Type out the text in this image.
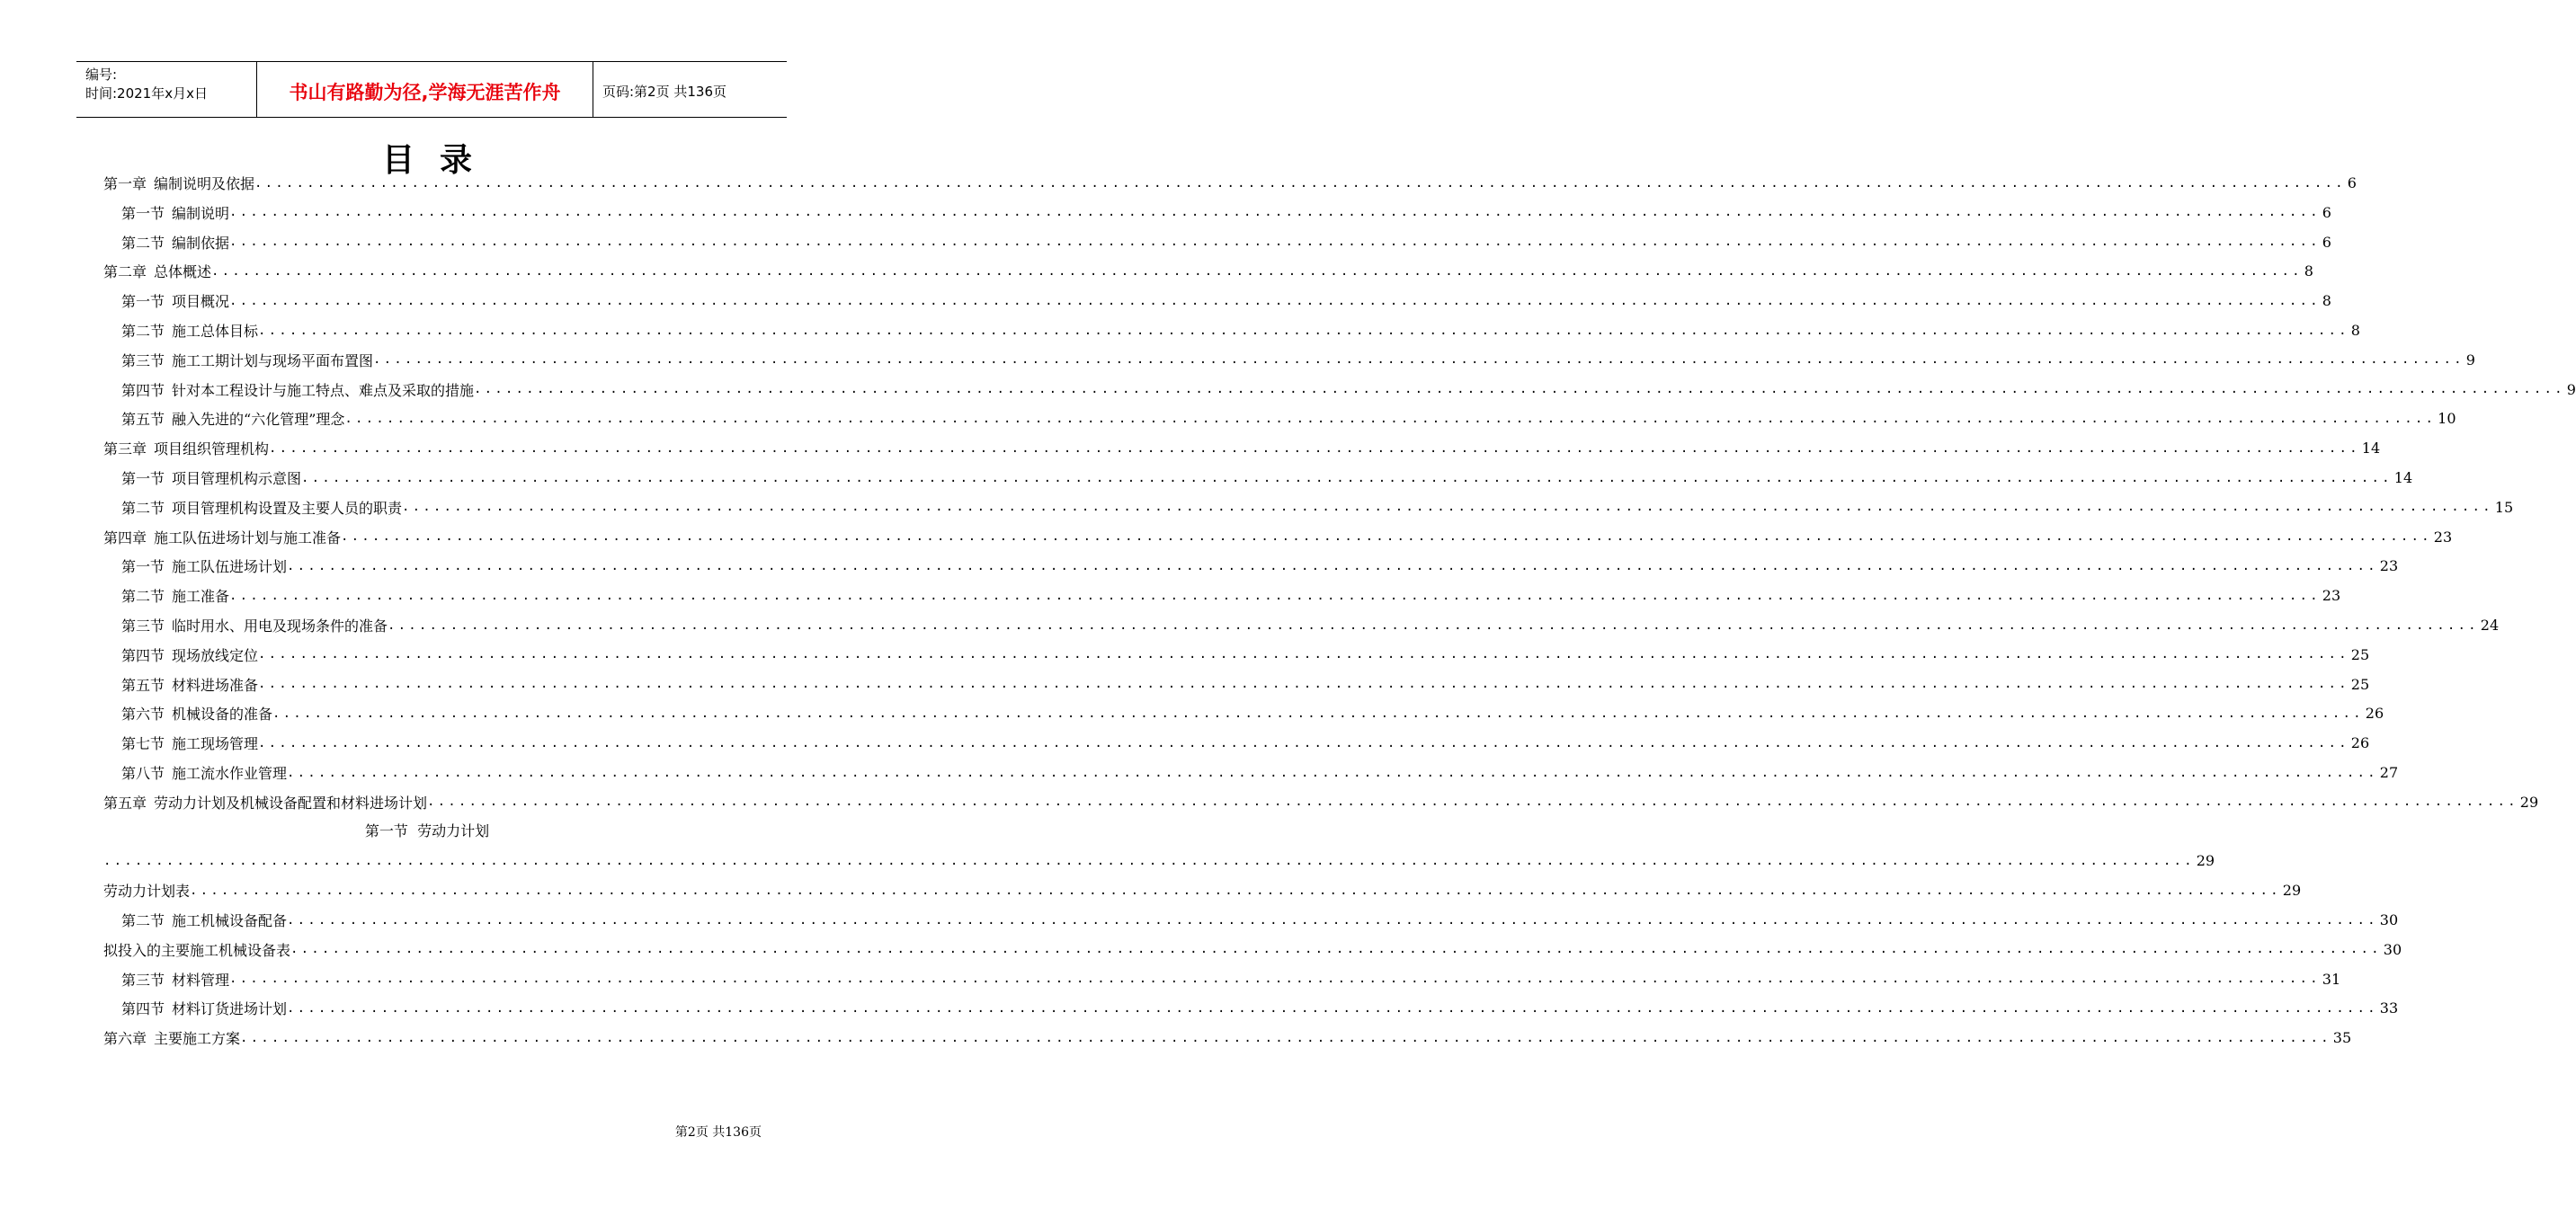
编号:
时间:2021年x月x日	书山有路勤为径,学海无涯苦作舟	页码:第2页 共136页
目录
第一章 编制说明及依据 ........................................................................................................................................................................................................ 6
第一节 编制说明 ........................................................................................................................................................................................................ 6
第二节 编制依据 ........................................................................................................................................................................................................ 6
第二章 总体概述 ........................................................................................................................................................................................................ 8
第一节 项目概况 ........................................................................................................................................................................................................ 8
第二节 施工总体目标 ........................................................................................................................................................................................................ 8
第三节 施工工期计划与现场平面布置图 ........................................................................................................................................................................................................ 9
第四节 针对本工程设计与施工特点、难点及采取的措施 ........................................................................................................................................................................................................ 9
第五节 融入先进的“六化管理”理念 ........................................................................................................................................................................................................ 10
第三章 项目组织管理机构 ........................................................................................................................................................................................................ 14
第一节 项目管理机构示意图 ........................................................................................................................................................................................................ 14
第二节 项目管理机构设置及主要人员的职责 ........................................................................................................................................................................................................ 15
第四章 施工队伍进场计划与施工准备 ........................................................................................................................................................................................................ 23
第一节 施工队伍进场计划 ........................................................................................................................................................................................................ 23
第二节 施工准备 ........................................................................................................................................................................................................ 23
第三节 临时用水、用电及现场条件的准备 ........................................................................................................................................................................................................ 24
第四节 现场放线定位 ........................................................................................................................................................................................................ 25
第五节 材料进场准备 ........................................................................................................................................................................................................ 25
第六节 机械设备的准备 ........................................................................................................................................................................................................ 26
第七节 施工现场管理 ........................................................................................................................................................................................................ 26
第八节 施工流水作业管理 ........................................................................................................................................................................................................ 27
第五章 劳动力计划及机械设备配置和材料进场计划 ........................................................................................................................................................................................................ 29
........................................................................................................................................................................................................ 29
劳动力计划表 ........................................................................................................................................................................................................ 29
第二节 施工机械设备配备 ........................................................................................................................................................................................................ 30
拟投入的主要施工机械设备表 ........................................................................................................................................................................................................ 30
第三节 材料管理 ........................................................................................................................................................................................................ 31
第四节 材料订货进场计划 ........................................................................................................................................................................................................ 33
第六章 主要施工方案 ........................................................................................................................................................................................................ 35
第一节 劳动力计划
第2页 共136页
